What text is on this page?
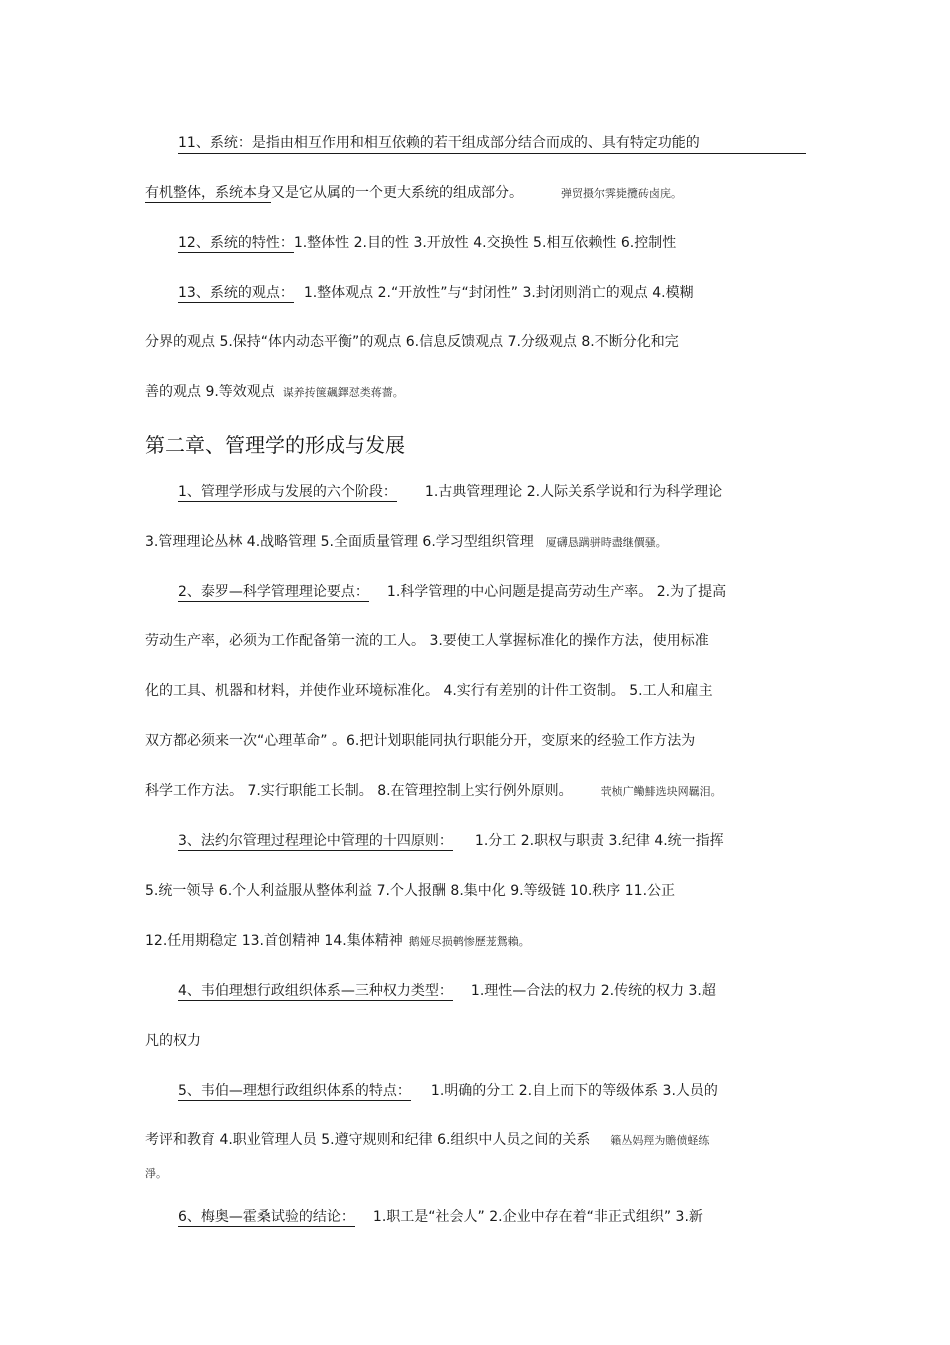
11、系统：是指由相互作用和相互依赖的若干组成部分结合而成的、具有特定功能的
有机整体，系统本身又是它从属的一个更大系统的组成部分。	弹贸摄尔霁毙攬砖卤庑。
12、系统的特性：1.整体性 2.目的性 3.开放性 4.交换性 5.相互依赖性 6.控制性
13、系统的观点： 1.整体观点 2.“开放性”与“封闭性” 3.封闭则消亡的观点 4.模糊
分界的观点 5.保持“体内动态平衡”的观点 6.信息反馈观点 7.分级观点 8.不断分化和完
善的观点 9.等效观点 谋养抟箧飆鐸怼类蒋薔。
第二章、管理学的形成与发展
1、管理学形成与发展的六个阶段： 1.古典管理理论 2.人际关系学说和行为科学理论
3.管理理论丛林 4.战略管理 5.全面质量管理 6.学习型组织管理 厦礴恳蹒骈時盡继價骚。
2、泰罗—科学管理理论要点： 1.科学管理的中心问题是提高劳动生产率。 2.为了提高
劳动生产率，必须为工作配备第一流的工人。 3.要使工人掌握标准化的操作方法，使用标准
化的工具、机器和材料，并使作业环境标准化。 4.实行有差别的计件工资制。 5.工人和雇主
双方都必须来一次“心理革命” 。6.把计划职能同执行职能分开，变原来的经验工作方法为
科学工作方法。 7.实行职能工长制。 8.在管理控制上实行例外原则。	茕桢广鳓鯡选块网羈泪。
3、法约尔管理过程理论中管理的十四原则： 1.分工 2.职权与职责 3.纪律 4.统一指挥
5.统一领导 6.个人利益服从整体利益 7.个人报酬 8.集中化 9.等级链 10.秩序 11.公正
12.任用期稳定 13.首创精神 14.集体精神 鹅娅尽损鹌惨歷茏鴛賴。
4、韦伯理想行政组织体系—三种权力类型： 1.理性—合法的权力 2.传统的权力 3.超
凡的权力
5、韦伯—理想行政组织体系的特点： 1.明确的分工 2.自上而下的等级体系 3.人员的
考评和教育 4.职业管理人员 5.遵守规则和纪律 6.组织中人员之间的关系 籟丛妈羥为贍偾蛏练
淨。
6、梅奥—霍桑试验的结论： 1.职工是“社会人” 2.企业中存在着“非正式组织” 3.新
